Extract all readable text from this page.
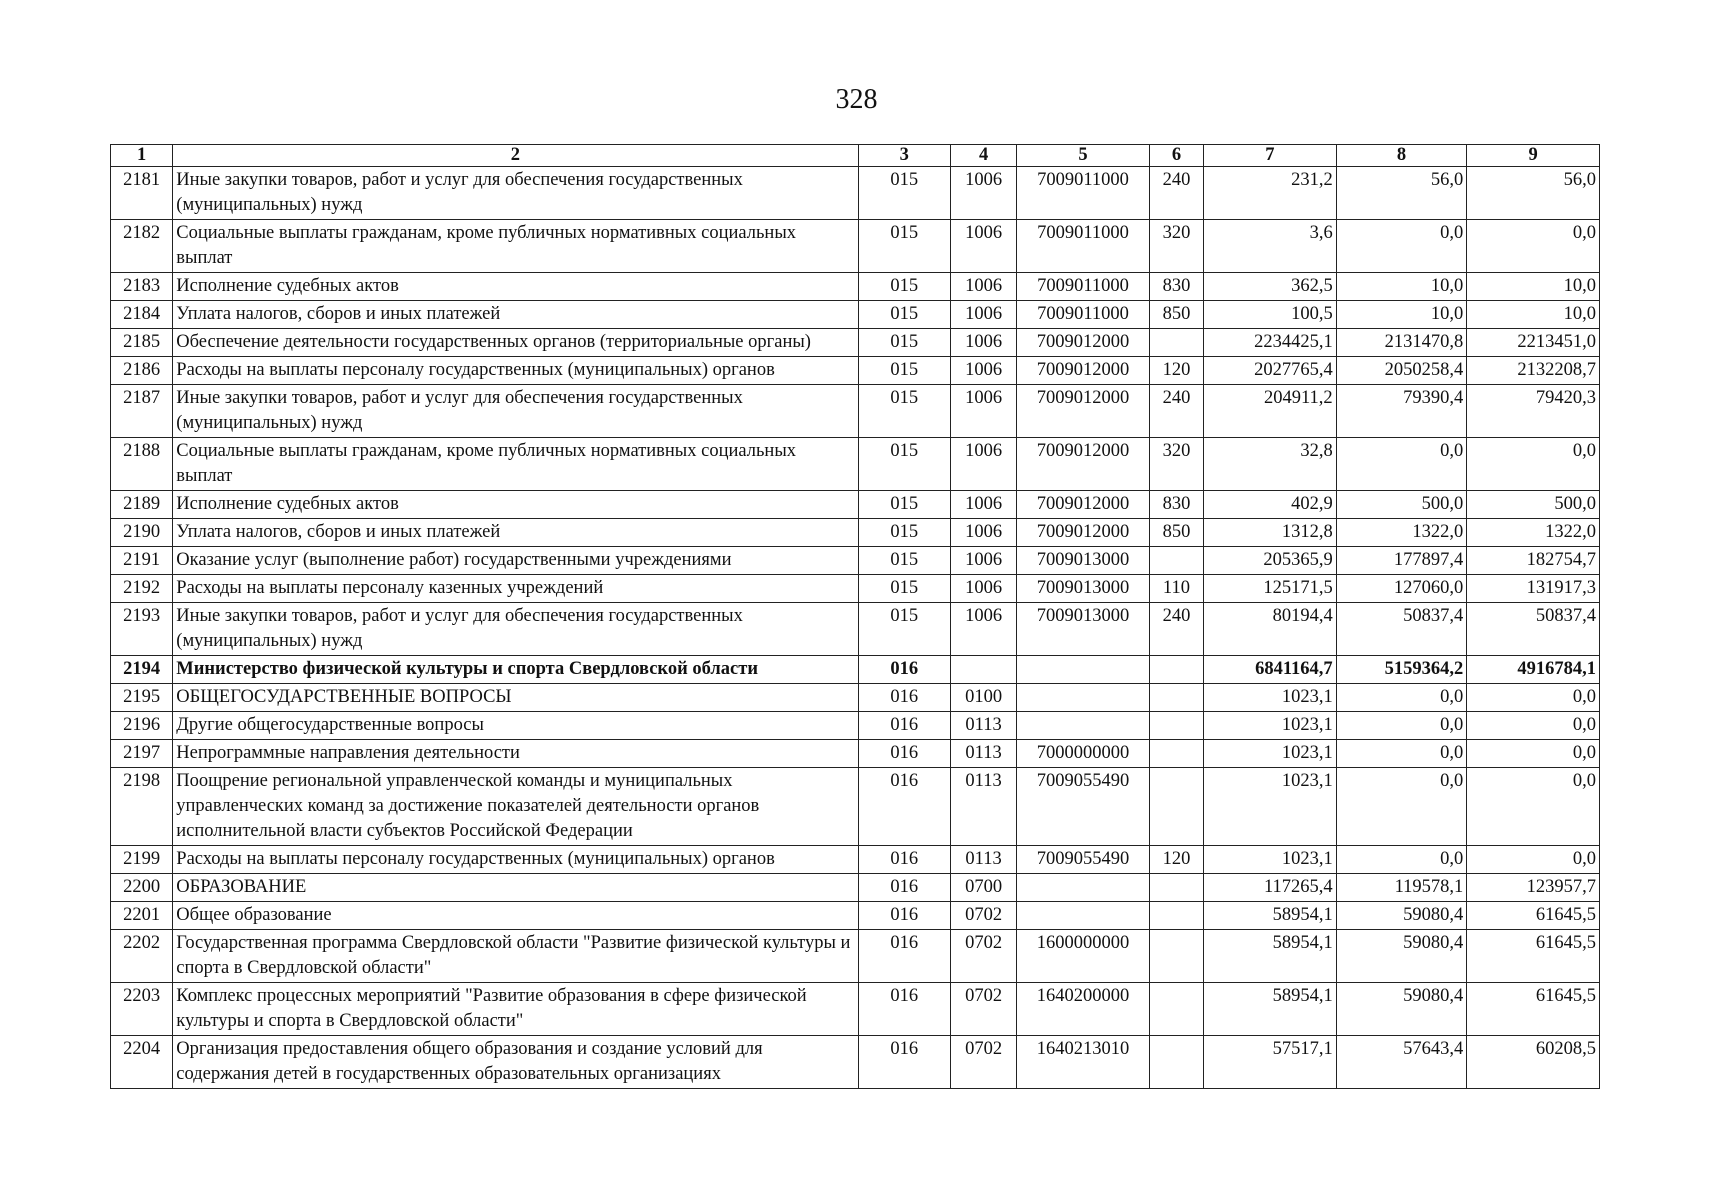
328
1	2	3	4	5	6	7	8	9
2181	Иные закупки товаров, работ и услуг для обеспечения государственных (муниципальных) нужд	015	1006	7009011000	240	231,2	56,0	56,0
2182	Социальные выплаты гражданам, кроме публичных нормативных социальных выплат	015	1006	7009011000	320	3,6	0,0	0,0
2183	Исполнение судебных актов	015	1006	7009011000	830	362,5	10,0	10,0
2184	Уплата налогов, сборов и иных платежей	015	1006	7009011000	850	100,5	10,0	10,0
2185	Обеспечение деятельности государственных органов (территориальные органы)	015	1006	7009012000		2234425,1	2131470,8	2213451,0
2186	Расходы на выплаты персоналу государственных (муниципальных) органов	015	1006	7009012000	120	2027765,4	2050258,4	2132208,7
2187	Иные закупки товаров, работ и услуг для обеспечения государственных (муниципальных) нужд	015	1006	7009012000	240	204911,2	79390,4	79420,3
2188	Социальные выплаты гражданам, кроме публичных нормативных социальных выплат	015	1006	7009012000	320	32,8	0,0	0,0
2189	Исполнение судебных актов	015	1006	7009012000	830	402,9	500,0	500,0
2190	Уплата налогов, сборов и иных платежей	015	1006	7009012000	850	1312,8	1322,0	1322,0
2191	Оказание услуг (выполнение работ) государственными учреждениями	015	1006	7009013000		205365,9	177897,4	182754,7
2192	Расходы на выплаты персоналу казенных учреждений	015	1006	7009013000	110	125171,5	127060,0	131917,3
2193	Иные закупки товаров, работ и услуг для обеспечения государственных (муниципальных) нужд	015	1006	7009013000	240	80194,4	50837,4	50837,4
2194	Министерство физической культуры и спорта Свердловской области	016				6841164,7	5159364,2	4916784,1
2195	ОБЩЕГОСУДАРСТВЕННЫЕ ВОПРОСЫ	016	0100			1023,1	0,0	0,0
2196	Другие общегосударственные вопросы	016	0113			1023,1	0,0	0,0
2197	Непрограммные направления деятельности	016	0113	7000000000		1023,1	0,0	0,0
2198	Поощрение региональной управленческой команды и муниципальных управленческих команд за достижение показателей деятельности органов исполнительной власти субъектов Российской Федерации	016	0113	7009055490		1023,1	0,0	0,0
2199	Расходы на выплаты персоналу государственных (муниципальных) органов	016	0113	7009055490	120	1023,1	0,0	0,0
2200	ОБРАЗОВАНИЕ	016	0700			117265,4	119578,1	123957,7
2201	Общее образование	016	0702			58954,1	59080,4	61645,5
2202	Государственная программа Свердловской области "Развитие физической культуры и спорта в Свердловской области"	016	0702	1600000000		58954,1	59080,4	61645,5
2203	Комплекс процессных мероприятий "Развитие образования в сфере физической культуры и спорта в Свердловской области"	016	0702	1640200000		58954,1	59080,4	61645,5
2204	Организация предоставления общего образования и создание условий для содержания детей в государственных образовательных организациях	016	0702	1640213010		57517,1	57643,4	60208,5
